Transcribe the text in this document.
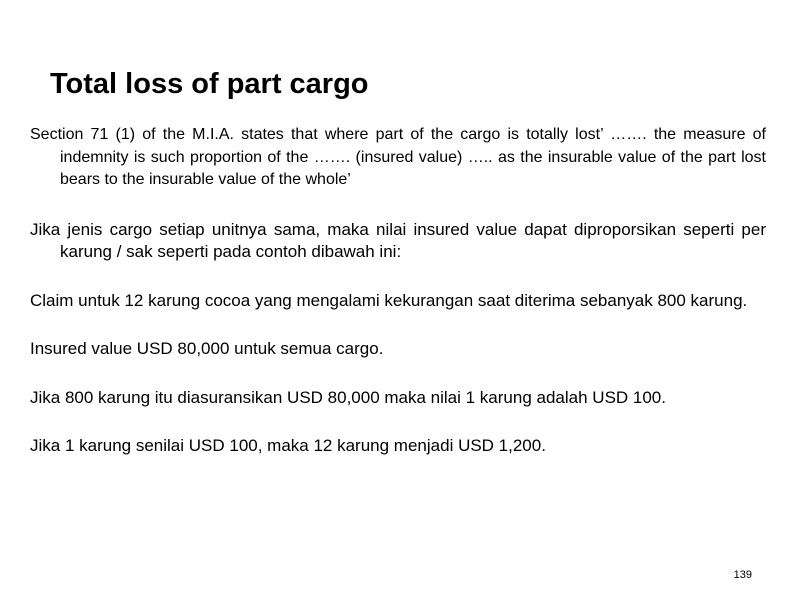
Total loss of part cargo

Section 71 (1) of the M.I.A. states that where part of the cargo is totally lost’ ……. the measure of indemnity is such proportion of the ……. (insured value) ….. as the insurable value of the part lost bears to the insurable value of the whole’

Jika jenis cargo setiap unitnya sama, maka nilai insured value dapat diproporsikan seperti per karung / sak seperti pada contoh dibawah ini:

Claim untuk 12 karung cocoa yang mengalami kekurangan saat diterima sebanyak 800 karung.

Insured value USD 80,000 untuk semua cargo.

Jika 800 karung itu diasuransikan USD 80,000 maka nilai 1 karung adalah USD 100.

Jika 1 karung senilai USD 100, maka 12 karung menjadi USD 1,200.

139
